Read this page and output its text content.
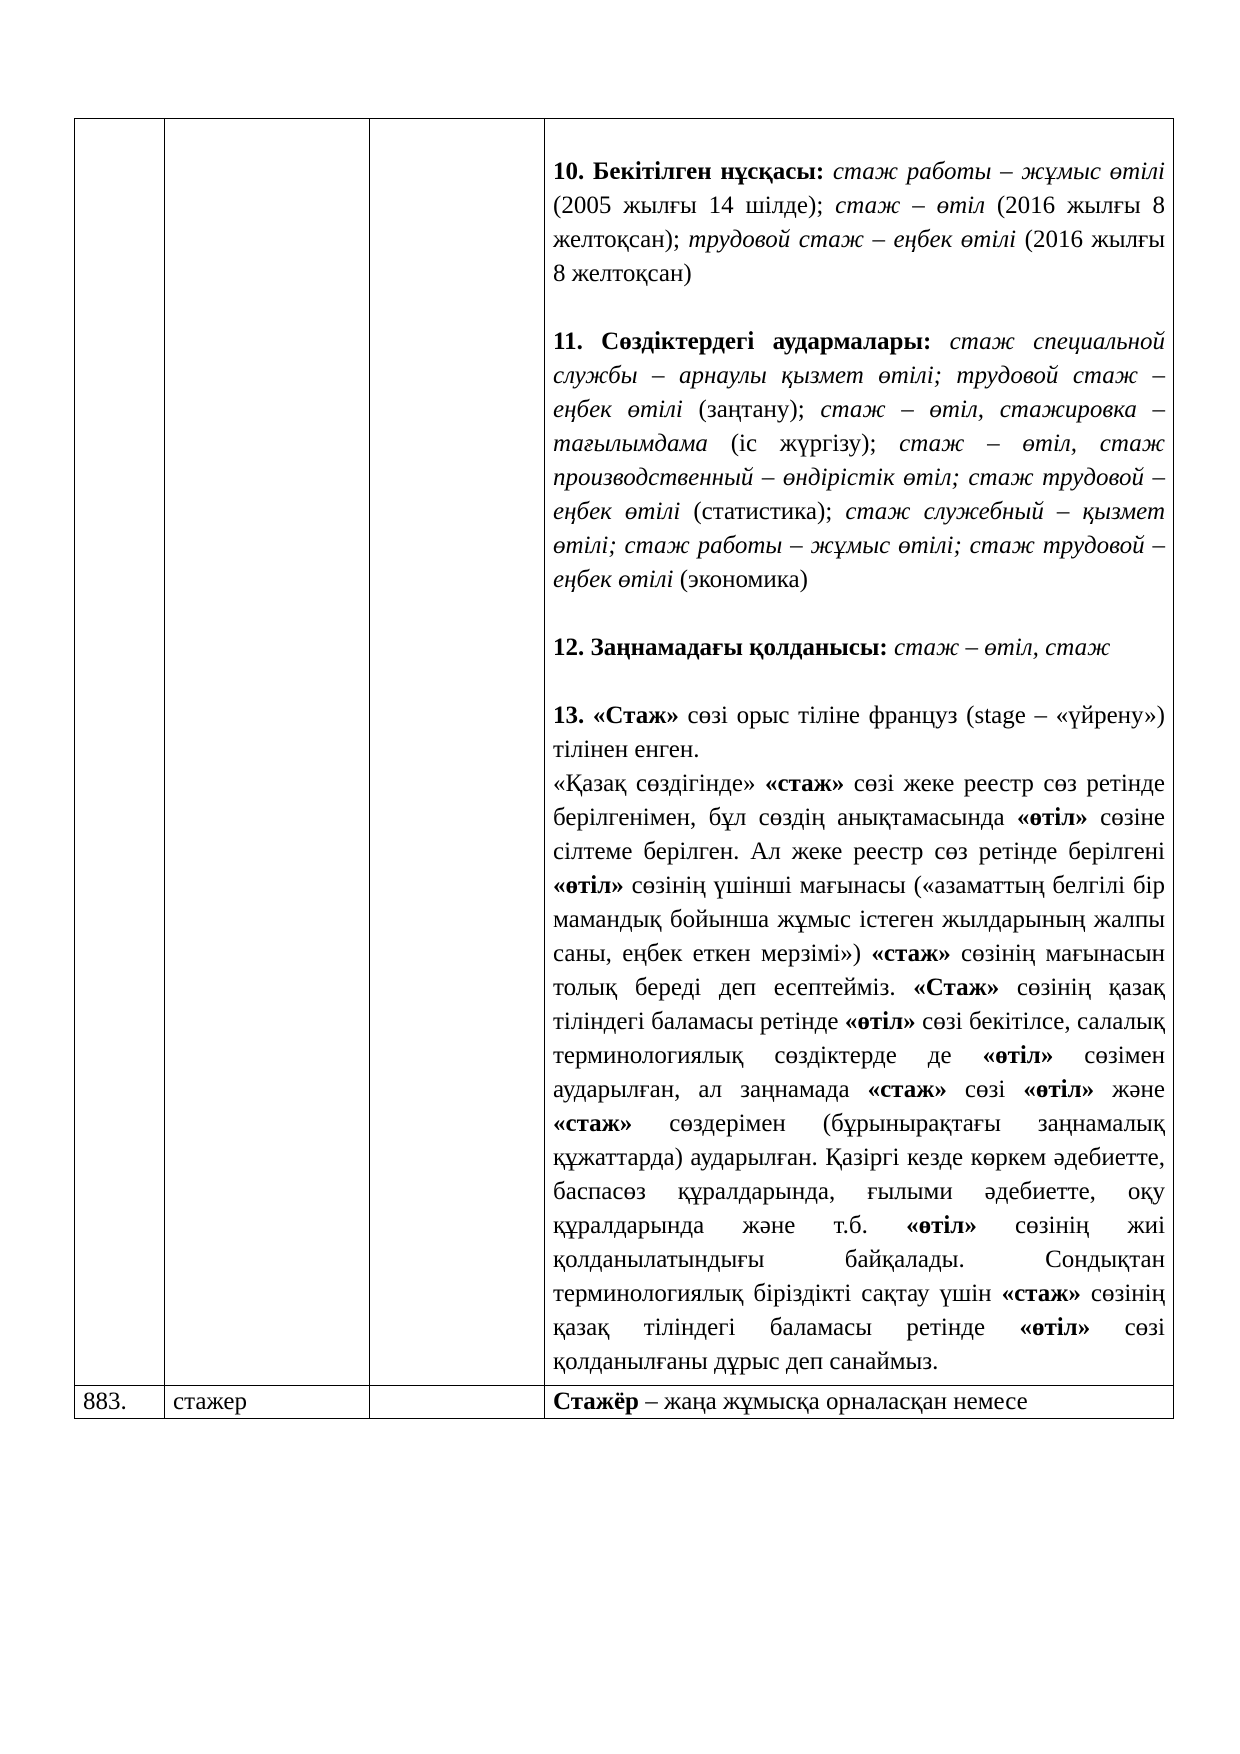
			10. Бекітілген нұсқасы: стаж работы – жұмыс өтілі (2005 жылғы 14 шілде); стаж – өтіл (2016 жылғы 8 желтоқсан); трудовой стаж – еңбек өтілі (2016 жылғы 8 желтоқсан)

11. Сөздіктердегі аудармалары: стаж специальной службы – арнаулы қызмет өтілі; трудовой стаж – еңбек өтілі (заңтану); стаж – өтіл, стажировка – тағылымдама (іс жүргізу); стаж – өтіл, стаж производственный – өндірістік өтіл; стаж трудовой – еңбек өтілі (статистика); стаж служебный – қызмет өтілі; стаж работы – жұмыс өтілі; стаж трудовой – еңбек өтілі (экономика)

12. Заңнамадағы қолданысы: стаж – өтіл, стаж

13. «Стаж» сөзі орыс тіліне француз (stage – «үйрену») тілінен енген.

«Қазақ сөздігінде» «стаж» сөзі жеке реестр сөз ретінде берілгенімен, бұл сөздің анықтамасында «өтіл» сөзіне сілтеме берілген. Ал жеке реестр сөз ретінде берілгені «өтіл» сөзінің үшінші мағынасы («азаматтың белгілі бір мамандық бойынша жұмыс істеген жылдарының жалпы саны, еңбек еткен мерзімі») «стаж» сөзінің мағынасын толық береді деп есептейміз. «Стаж» сөзінің қазақ тіліндегі баламасы ретінде «өтіл» сөзі бекітілсе, салалық терминологиялық сөздіктерде де «өтіл» сөзімен аударылған, ал заңнамада «стаж» сөзі «өтіл» және «стаж» сөздерімен (бұрынырақтағы заңнамалық құжаттарда) аударылған. Қазіргі кезде көркем әдебиетте, баспасөз құралдарында, ғылыми әдебиетте, оқу құралдарында және т.б. «өтіл» сөзінің жиі қолданылатындығы байқалады. Сондықтан терминологиялық біріздікті сақтау үшін «стаж» сөзінің қазақ тіліндегі баламасы ретінде «өтіл» сөзі қолданылғаны дұрыс деп санаймыз.

883.	стажер		Стажёр – жаңа жұмысқа орналасқан немесе
